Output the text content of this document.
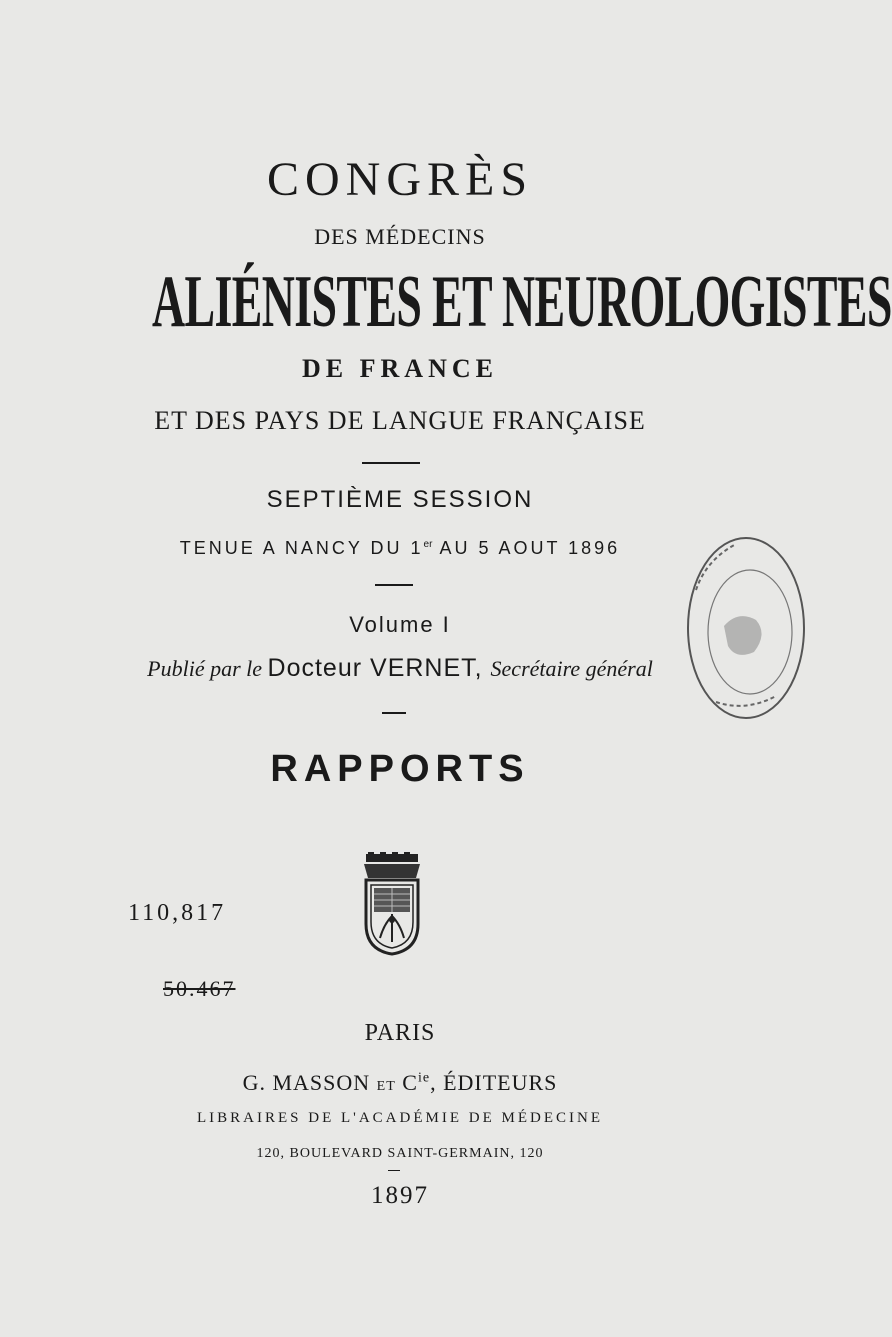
CONGRÈS
DES MÉDECINS
ALIÉNISTES ET NEUROLOGISTES
DE FRANCE
ET DES PAYS DE LANGUE FRANÇAISE
SEPTIÈME SESSION
TENUE A NANCY DU 1er AU 5 AOUT 1896
Volume I
Publié par le Docteur VERNET, Secrétaire général
RAPPORTS
110,817
50.467
PARIS
G. MASSON ET $C^{ie}$, ÉDITEURS
LIBRAIRES DE L'ACADÉMIE DE MÉDECINE
120, BOULEVARD SAINT-GERMAIN, 120
1897
